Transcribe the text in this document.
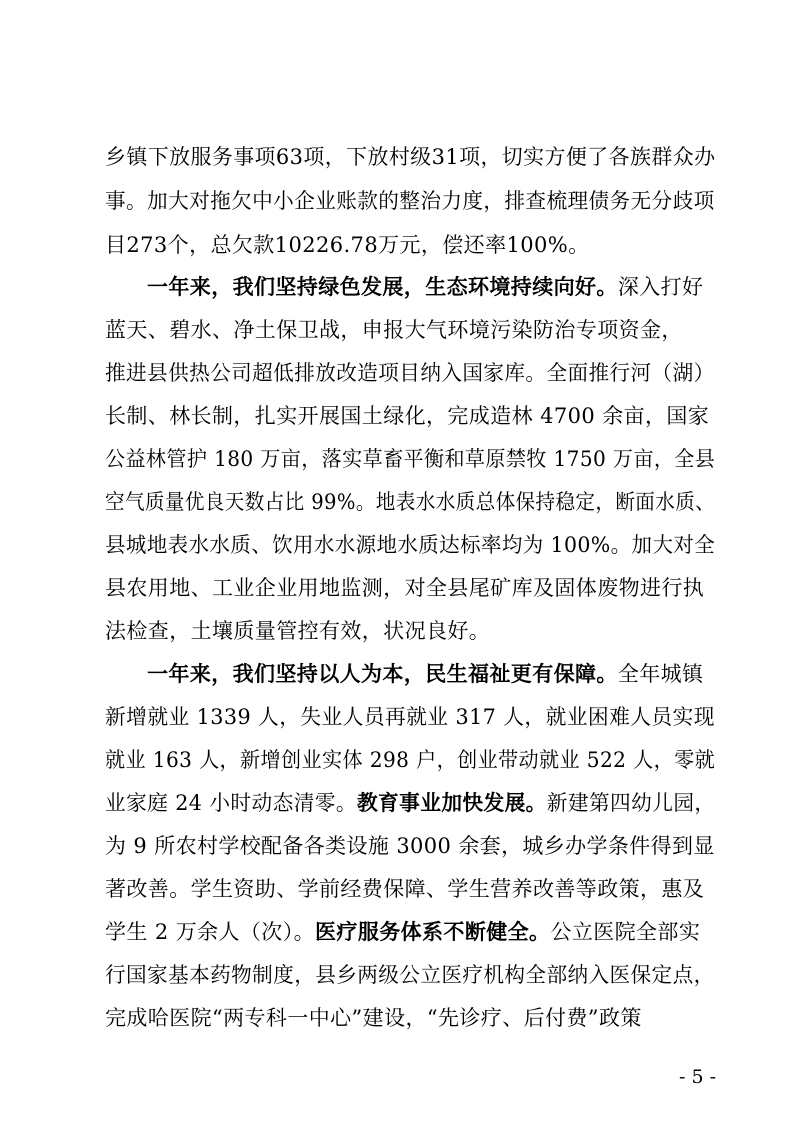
乡镇下放服务事项63项，下放村级31项，切实方便了各族群众办
事。加大对拖欠中小企业账款的整治力度，排查梳理债务无分歧项
目273个，总欠款10226.78万元，偿还率100%。
一年来，我们坚持绿色发展，生态环境持续向好。深入打好
蓝天、碧水、净土保卫战，申报大气环境污染防治专项资金，
推进县供热公司超低排放改造项目纳入国家库。全面推行河（湖）
长制、林长制，扎实开展国土绿化，完成造林 4700 余亩，国家
公益林管护 180 万亩，落实草畜平衡和草原禁牧 1750 万亩，全县
空气质量优良天数占比 99%。地表水水质总体保持稳定，断面水质、
县城地表水水质、饮用水水源地水质达标率均为 100%。加大对全
县农用地、工业企业用地监测，对全县尾矿库及固体废物进行执
法检查，土壤质量管控有效，状况良好。
一年来，我们坚持以人为本，民生福祉更有保障。全年城镇
新增就业 1339 人，失业人员再就业 317 人，就业困难人员实现
就业 163 人，新增创业实体 298 户，创业带动就业 522 人，零就
业家庭 24 小时动态清零。教育事业加快发展。新建第四幼儿园，
为 9 所农村学校配备各类设施 3000 余套，城乡办学条件得到显
著改善。学生资助、学前经费保障、学生营养改善等政策，惠及
学生 2 万余人（次）。医疗服务体系不断健全。公立医院全部实
行国家基本药物制度，县乡两级公立医疗机构全部纳入医保定点，
完成哈医院“两专科一中心”建设，“先诊疗、后付费”政策
- 5 -
